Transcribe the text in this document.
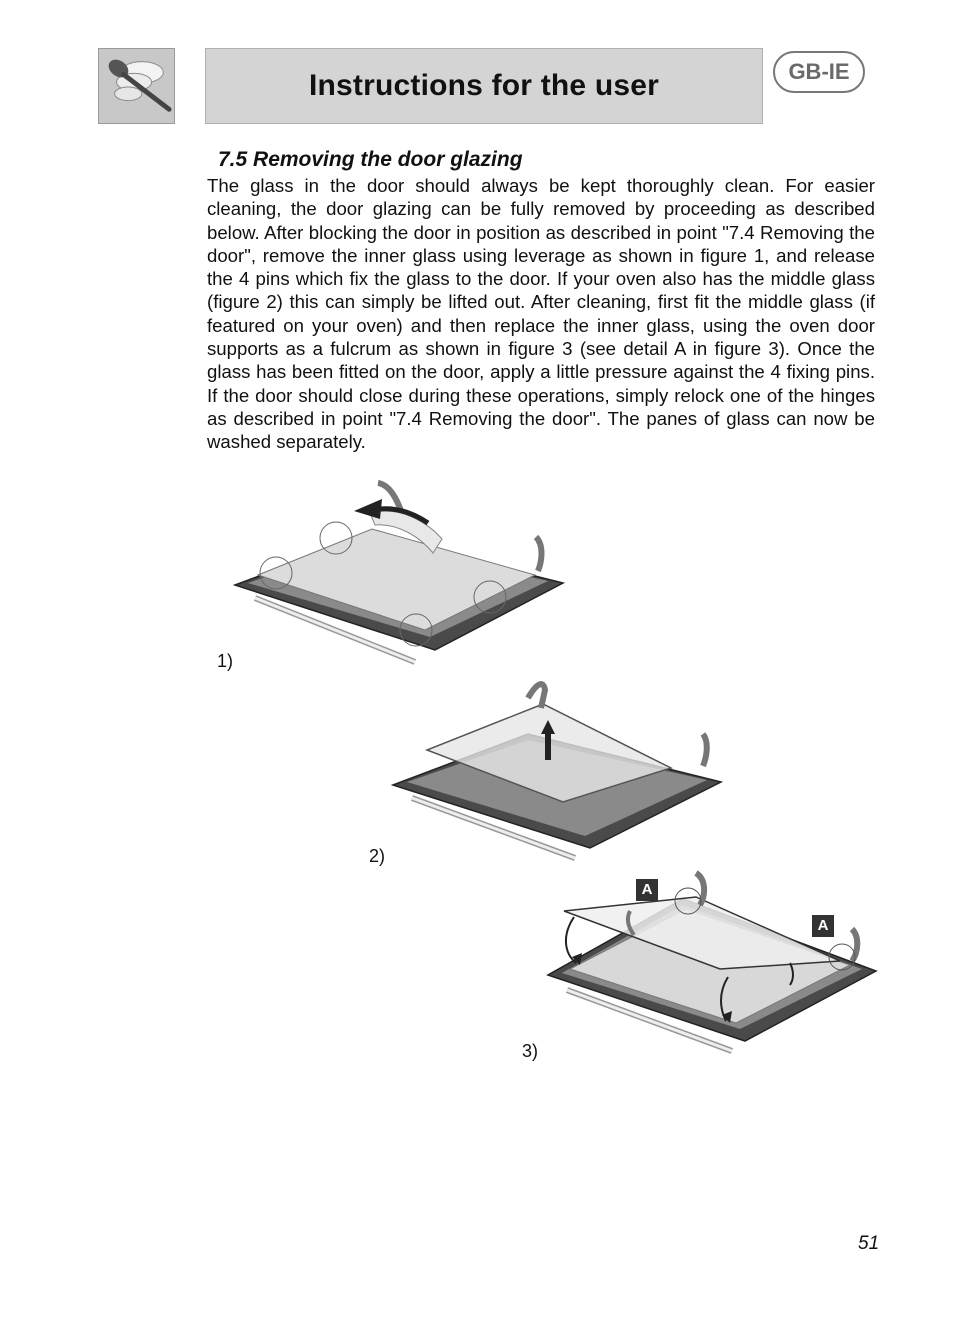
Instructions for the user	GB-IE
7.5 Removing the door glazing

The glass in the door should always be kept thoroughly clean. For easier cleaning, the door glazing can be fully removed by proceeding as described below. After blocking the door in position as described in point "7.4 Removing the door", remove the inner glass using leverage as shown in figure 1, and release the 4 pins which fix the glass to the door. If your oven also has the middle glass (figure 2) this can simply be lifted out. After cleaning, first fit the middle glass (if featured on your oven) and then replace the inner glass, using the oven door supports as a fulcrum as shown in figure 3 (see detail A in figure 3). Once the glass has been fitted on the door, apply a little pressure against the 4 fixing pins. If the door should close during these operations, simply relock one of the hinges as described in point "7.4 Removing the door". The panes of glass can now be washed separately.

1)
2)
A
A
3)
51
